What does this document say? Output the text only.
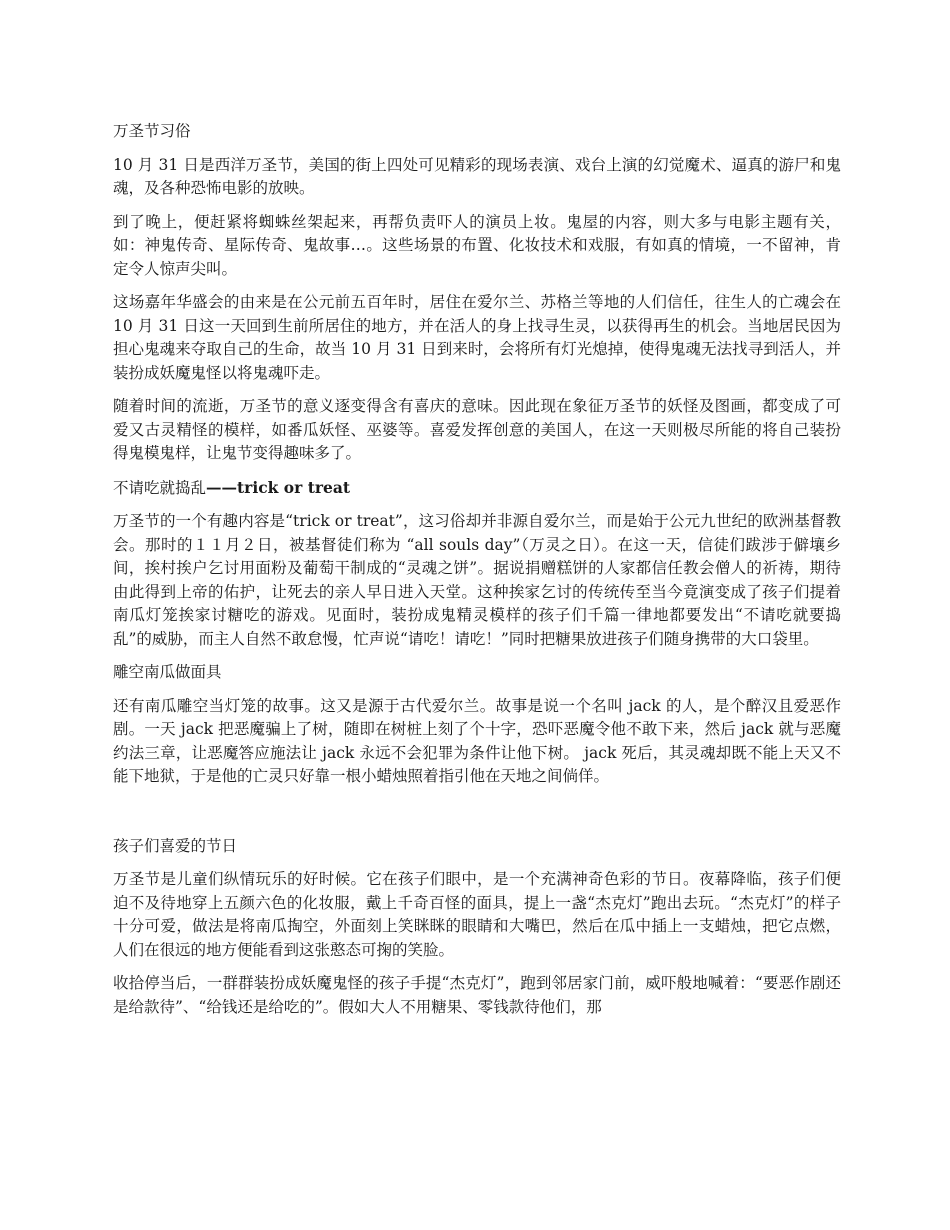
万圣节习俗

10 月 31 日是西洋万圣节，美国的街上四处可见精彩的现场表演、戏台上演的幻觉魔术、逼真的游尸和鬼魂，及各种恐怖电影的放映。

到了晚上，便赶紧将蜘蛛丝架起来，再帮负责吓人的演员上妆。鬼屋的内容，则大多与电影主题有关，如：神鬼传奇、星际传奇、鬼故事…。这些场景的布置、化妆技术和戏服，有如真的情境，一不留神，肯定令人惊声尖叫。

这场嘉年华盛会的由来是在公元前五百年时，居住在爱尔兰、苏格兰等地的人们信任，往生人的亡魂会在 10 月 31 日这一天回到生前所居住的地方，并在活人的身上找寻生灵，以获得再生的机会。当地居民因为担心鬼魂来夺取自己的生命，故当 10 月 31 日到来时，会将所有灯光熄掉，使得鬼魂无法找寻到活人，并装扮成妖魔鬼怪以将鬼魂吓走。

随着时间的流逝，万圣节的意义逐变得含有喜庆的意味。因此现在象征万圣节的妖怪及图画，都变成了可爱又古灵精怪的模样，如番瓜妖怪、巫婆等。喜爱发挥创意的美国人，在这一天则极尽所能的将自己装扮得鬼模鬼样，让鬼节变得趣味多了。

不请吃就捣乱——trick or treat

万圣节的一个有趣内容是“trick or treat”，这习俗却并非源自爱尔兰，而是始于公元九世纪的欧洲基督教会。那时的１１月２日，被基督徒们称为 “all souls day”（万灵之日）。在这一天，信徒们跋涉于僻壤乡间，挨村挨户乞讨用面粉及葡萄干制成的“灵魂之饼”。据说捐赠糕饼的人家都信任教会僧人的祈祷，期待由此得到上帝的佑护，让死去的亲人早日进入天堂。这种挨家乞讨的传统传至当今竟演变成了孩子们提着南瓜灯笼挨家讨糖吃的游戏。见面时，装扮成鬼精灵模样的孩子们千篇一律地都要发出“不请吃就要捣乱”的威胁，而主人自然不敢怠慢，忙声说“请吃！请吃！”同时把糖果放进孩子们随身携带的大口袋里。

雕空南瓜做面具

还有南瓜雕空当灯笼的故事。这又是源于古代爱尔兰。故事是说一个名叫 jack 的人，是个醉汉且爱恶作剧。一天 jack 把恶魔骗上了树，随即在树桩上刻了个十字，恐吓恶魔令他不敢下来，然后 jack 就与恶魔约法三章，让恶魔答应施法让 jack 永远不会犯罪为条件让他下树。 jack 死后，其灵魂却既不能上天又不能下地狱，于是他的亡灵只好靠一根小蜡烛照着指引他在天地之间倘佯。

孩子们喜爱的节日

万圣节是儿童们纵情玩乐的好时候。它在孩子们眼中，是一个充满神奇色彩的节日。夜幕降临，孩子们便迫不及待地穿上五颜六色的化妆服，戴上千奇百怪的面具，提上一盏“杰克灯”跑出去玩。“杰克灯”的样子十分可爱，做法是将南瓜掏空，外面刻上笑眯眯的眼睛和大嘴巴，然后在瓜中插上一支蜡烛，把它点燃，人们在很远的地方便能看到这张憨态可掬的笑脸。

收拾停当后，一群群装扮成妖魔鬼怪的孩子手提“杰克灯”，跑到邻居家门前，威吓般地喊着：“要恶作剧还是给款待”、“给钱还是给吃的”。假如大人不用糖果、零钱款待他们，那
